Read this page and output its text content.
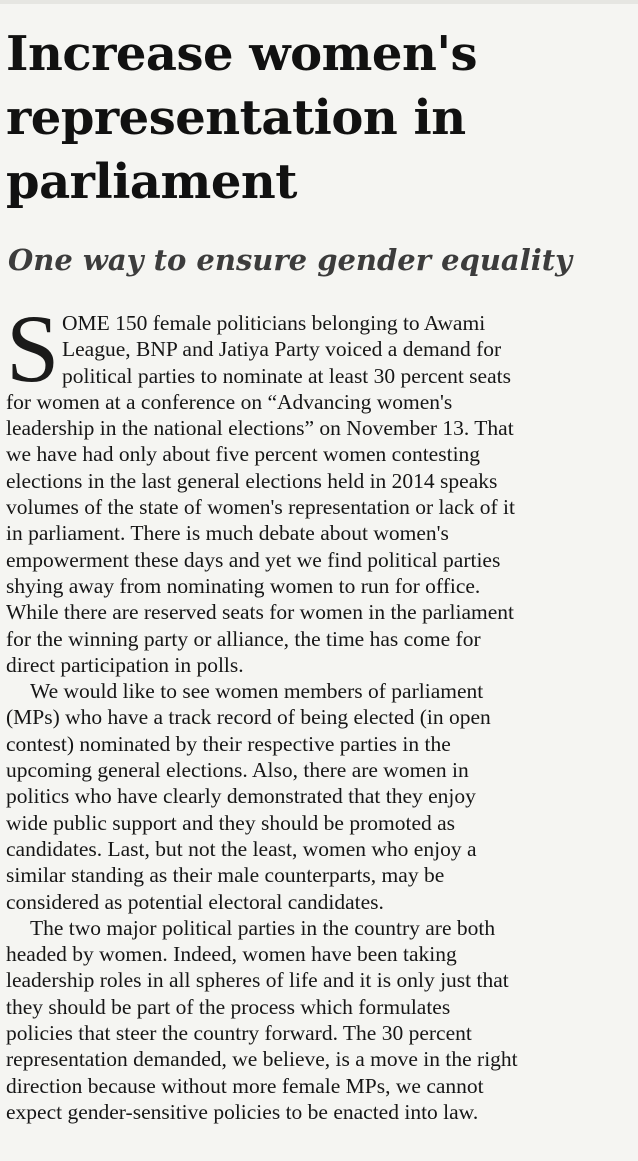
Increase women's
representation in
parliament
One way to ensure gender equality
S OME 150 female politicians belonging to Awami
League, BNP and Jatiya Party voiced a demand for
political parties to nominate at least 30 percent seats
for women at a conference on “Advancing women's
leadership in the national elections” on November 13. That
we have had only about five percent women contesting
elections in the last general elections held in 2014 speaks
volumes of the state of women's representation or lack of it
in parliament. There is much debate about women's
empowerment these days and yet we find political parties
shying away from nominating women to run for office.
While there are reserved seats for women in the parliament
for the winning party or alliance, the time has come for
direct participation in polls.
We would like to see women members of parliament
(MPs) who have a track record of being elected (in open
contest) nominated by their respective parties in the
upcoming general elections. Also, there are women in
politics who have clearly demonstrated that they enjoy
wide public support and they should be promoted as
candidates. Last, but not the least, women who enjoy a
similar standing as their male counterparts, may be
considered as potential electoral candidates.
The two major political parties in the country are both
headed by women. Indeed, women have been taking
leadership roles in all spheres of life and it is only just that
they should be part of the process which formulates
policies that steer the country forward. The 30 percent
representation demanded, we believe, is a move in the right
direction because without more female MPs, we cannot
expect gender-sensitive policies to be enacted into law.
